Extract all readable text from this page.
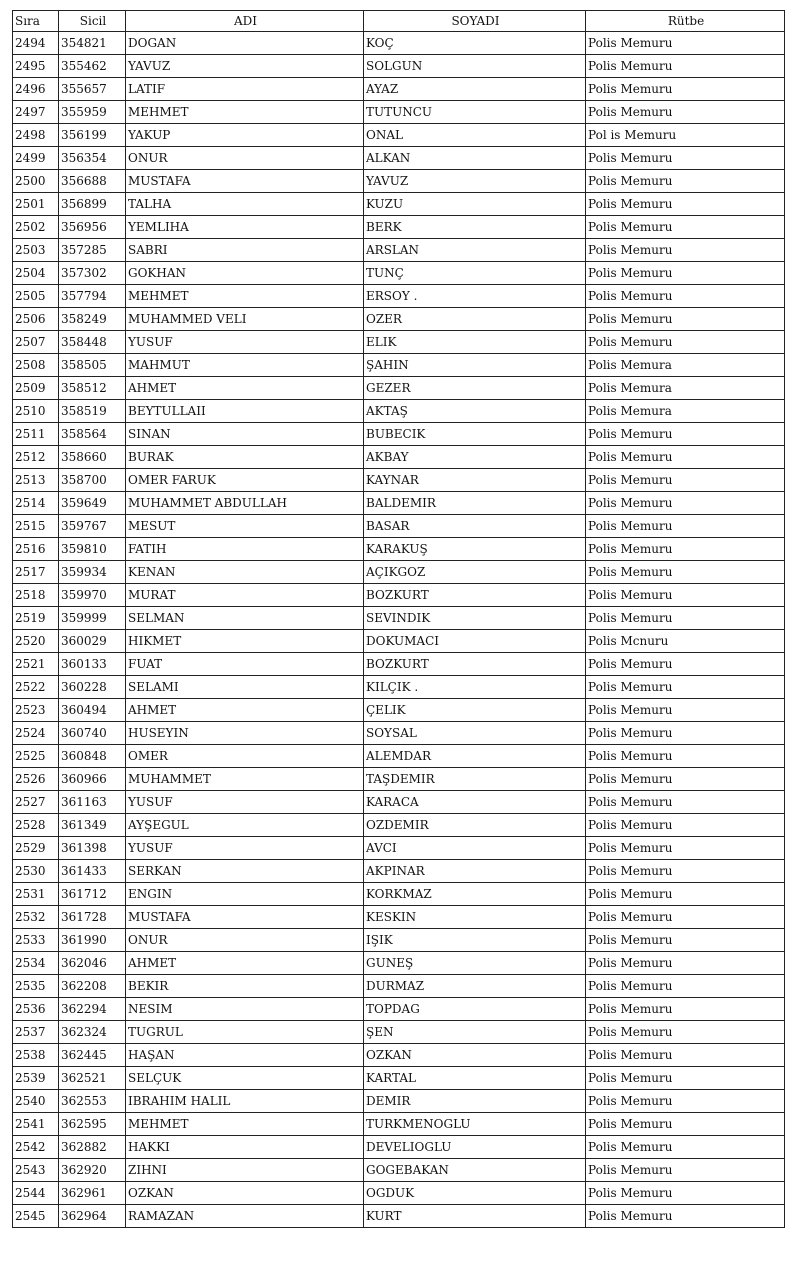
Sıra	Sicil	ADI	SOYADI	Rütbe
2494	354821	DOGAN	KOÇ	Polis Memuru
2495	355462	YAVUZ	SOLGUN	Polis Memuru
2496	355657	LATIF	AYAZ	Polis Memuru
2497	355959	MEHMET	TUTUNCU	Polis Memuru
2498	356199	YAKUP	ONAL	Pol is Memuru
2499	356354	ONUR	ALKAN	Polis Memuru
2500	356688	MUSTAFA	YAVUZ	Polis Memuru
2501	356899	TALHA	KUZU	Polis Memuru
2502	356956	YEMLIHA	BERK	Polis Memuru
2503	357285	SABRI	ARSLAN	Polis Memuru
2504	357302	GOKHAN	TUNÇ	Polis Memuru
2505	357794	MEHMET	ERSOY .	Polis Memuru
2506	358249	MUHAMMED VELI	OZER	Polis Memuru
2507	358448	YUSUF	ELIK	Polis Memuru
2508	358505	MAHMUT	ŞAHIN	Polis Memura
2509	358512	AHMET	GEZER	Polis Memura
2510	358519	BEYTULLAII	AKTAŞ	Polis Memura
2511	358564	SINAN	BUBECIK	Polis Memuru
2512	358660	BURAK	AKBAY	Polis Memuru
2513	358700	OMER FARUK	KAYNAR	Polis Memuru
2514	359649	MUHAMMET ABDULLAH	BALDEMIR	Polis Memuru
2515	359767	MESUT	BASAR	Polis Memuru
2516	359810	FATIH	KARAKUŞ	Polis Memuru
2517	359934	KENAN	AÇIKGOZ	Polis Memuru
2518	359970	MURAT	BOZKURT	Polis Memuru
2519	359999	SELMAN	SEVINDIK	Polis Memuru
2520	360029	HIKMET	DOKUMACI	Polis Mcnuru
2521	360133	FUAT	BOZKURT	Polis Memuru
2522	360228	SELAMI	KILÇIK .	Polis Memuru
2523	360494	AHMET	ÇELIK	Polis Memuru
2524	360740	HUSEYIN	SOYSAL	Polis Memuru
2525	360848	OMER	ALEMDAR	Polis Memuru
2526	360966	MUHAMMET	TAŞDEMIR	Polis Memuru
2527	361163	YUSUF	KARACA	Polis Memuru
2528	361349	AYŞEGUL	OZDEMIR	Polis Memuru
2529	361398	YUSUF	AVCI	Polis Memuru
2530	361433	SERKAN	AKPINAR	Polis Memuru
2531	361712	ENGIN	KORKMAZ	Polis Memuru
2532	361728	MUSTAFA	KESKIN	Polis Memuru
2533	361990	ONUR	IŞIK	Polis Memuru
2534	362046	AHMET	GUNEŞ	Polis Memuru
2535	362208	BEKIR	DURMAZ	Polis Memuru
2536	362294	NESIM	TOPDAG	Polis Memuru
2537	362324	TUGRUL	ŞEN	Polis Memuru
2538	362445	HAŞAN	OZKAN	Polis Memuru
2539	362521	SELÇUK	KARTAL	Polis Memuru
2540	362553	IBRAHIM HALIL	DEMIR	Polis Memuru
2541	362595	MEHMET	TURKMENOGLU	Polis Memuru
2542	362882	HAKKI	DEVELIOGLU	Polis Memuru
2543	362920	ZIHNI	GOGEBAKAN	Polis Memuru
2544	362961	OZKAN	OGDUK	Polis Memuru
2545	362964	RAMAZAN	KURT	Polis Memuru
